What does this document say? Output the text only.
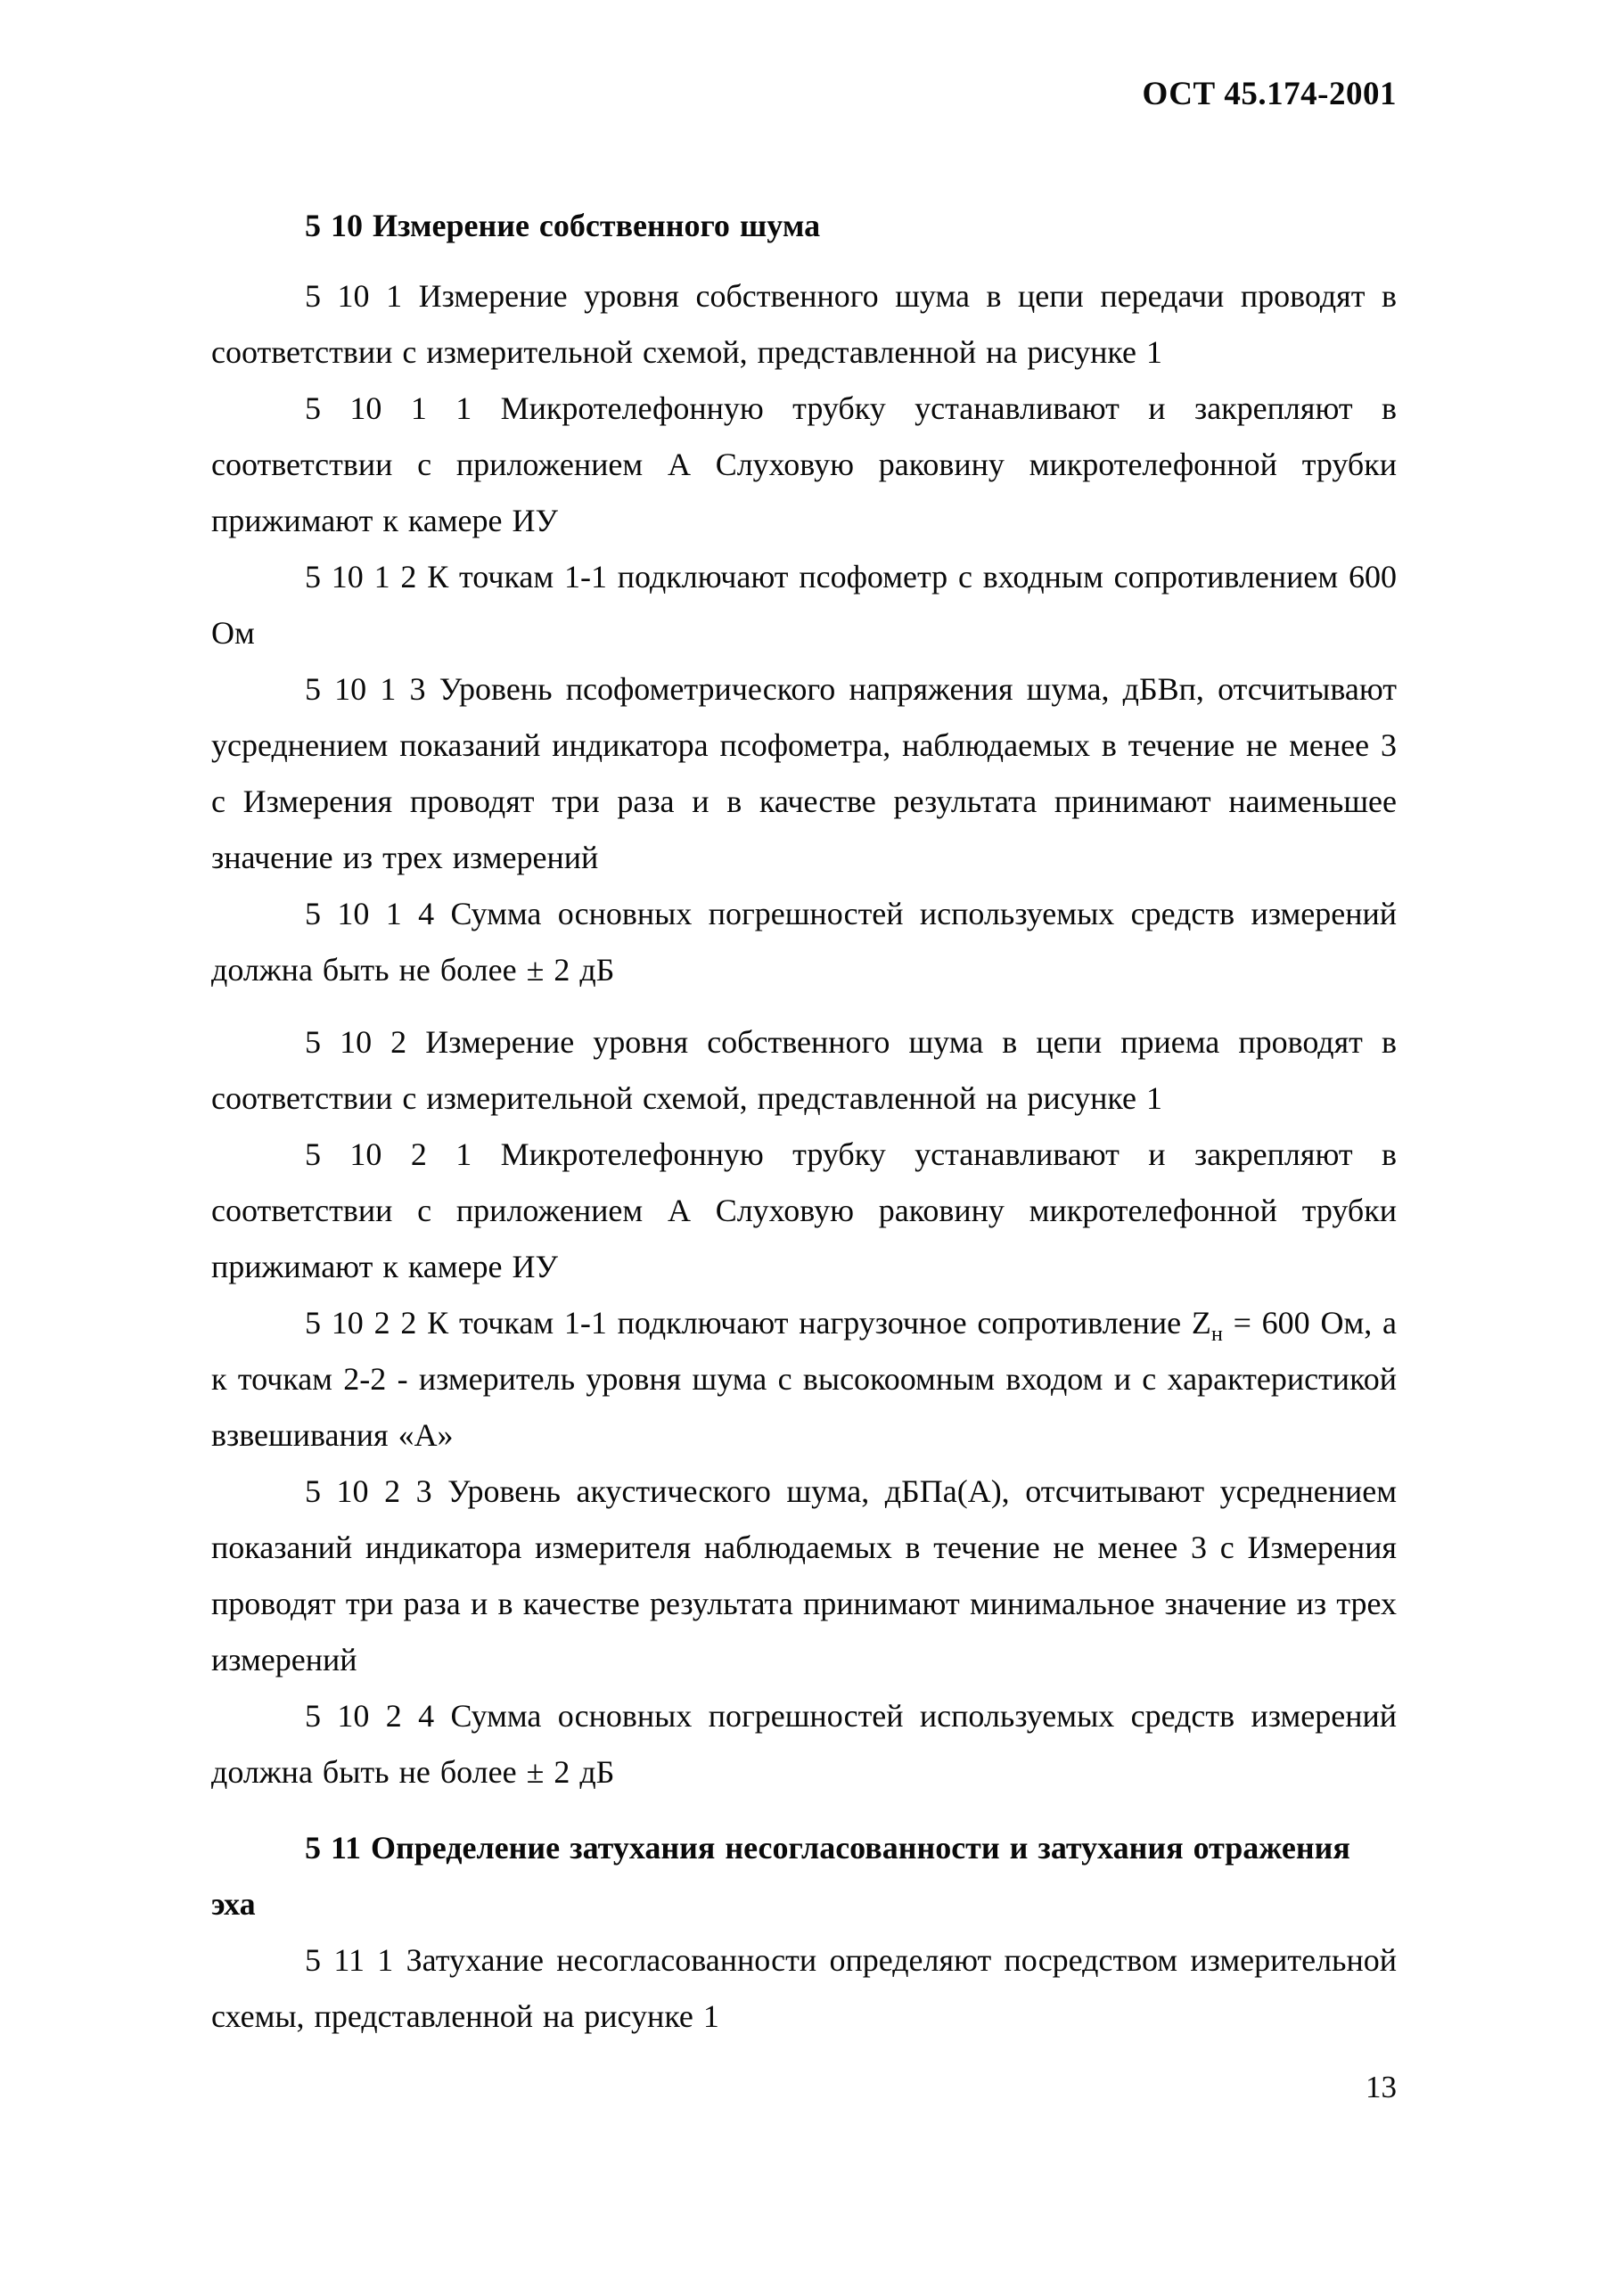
ОСТ 45.174-2001

5 10 Измерение собственного шума

5 10 1 Измерение уровня собственного шума в цепи передачи проводят в соответствии с измерительной схемой, представленной на рисунке 1

5 10 1 1 Микротелефонную трубку устанавливают и закрепляют в соответствии с приложением А Слуховую раковину микротелефонной трубки прижимают к камере ИУ

5 10 1 2 К точкам 1-1 подключают псофометр с входным сопротивлением 600 Ом

5 10 1 3 Уровень псофометрического напряжения шума, дБВп, отсчитывают усреднением показаний индикатора псофометра, наблюдаемых в течение не менее 3 с Измерения проводят три раза и в качестве результата принимают наименьшее значение из трех измерений

5 10 1 4 Сумма основных погрешностей используемых средств измерений должна быть не более ± 2 дБ

5 10 2 Измерение уровня собственного шума в цепи приема проводят в соответствии с измерительной схемой, представленной на рисунке 1

5 10 2 1 Микротелефонную трубку устанавливают и закрепляют в соответствии с приложением А Слуховую раковину микротелефонной трубки прижимают к камере ИУ

5 10 2 2 К точкам 1-1 подключают нагрузочное сопротивление $Z_н = 600$ Ом, а к точкам 2-2 - измеритель уровня шума с высокоомным входом и с характеристикой взвешивания «А»

5 10 2 3 Уровень акустического шума, дБПа(А), отсчитывают усреднением показаний индикатора измерителя наблюдаемых в течение не менее 3 с Измерения проводят три раза и в качестве результата принимают минимальное значение из трех измерений

5 10 2 4 Сумма основных погрешностей используемых средств измерений должна быть не более ± 2 дБ

5 11 Определение затухания несогласованности и затухания отражения эха

5 11 1 Затухание несогласованности определяют посредством измерительной схемы, представленной на рисунке 1

13
